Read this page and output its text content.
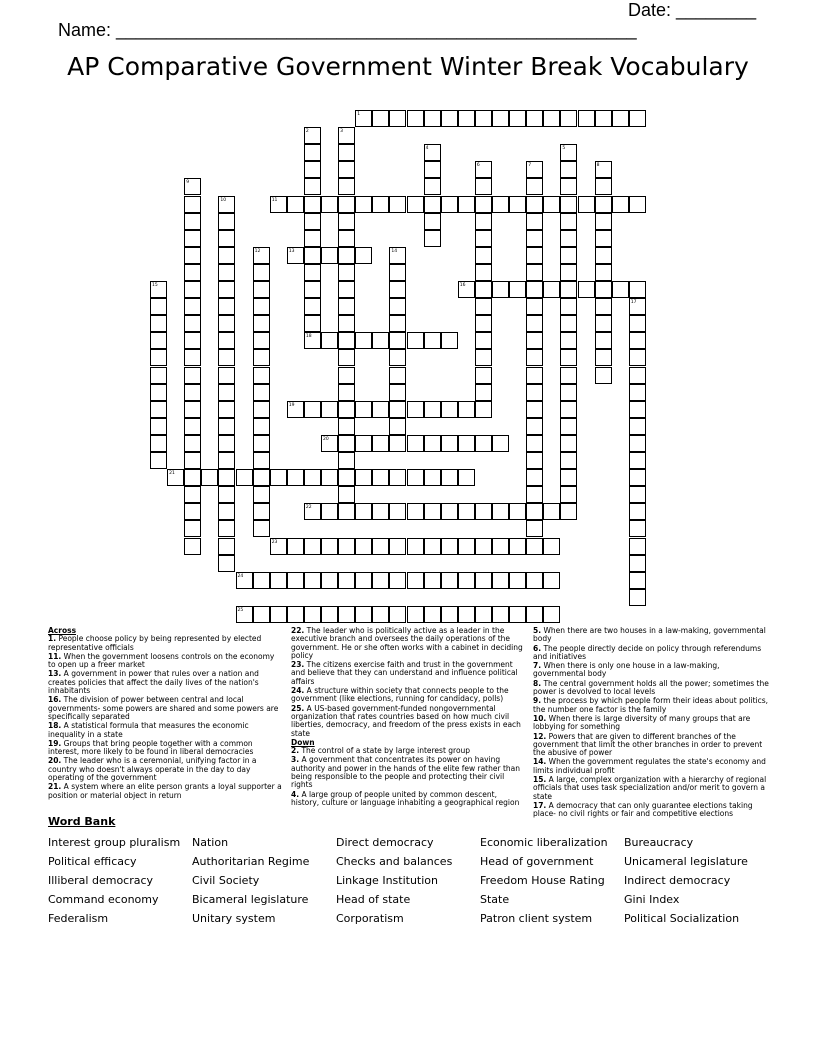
Name: ____________________________________________________

Date: ________

AP Comparative Government Winter Break Vocabulary
1
2	3
4	5
6	7	8
9
10	11
12	13	14
15	16
17
18
19
20
21
22
23
24
25
Across
1. People choose policy by being represented by elected representative officials
11. When the government loosens controls on the economy to open up a freer market
13. A government in power that rules over a nation and creates policies that affect the daily lives of the nation's inhabitants
16. The division of power between central and local governments- some powers are shared and some powers are specifically separated
18. A statistical formula that measures the economic inequality in a state
19. Groups that bring people together with a common interest, more likely to be found in liberal democracies
20. The leader who is a ceremonial, unifying factor in a country who doesn't always operate in the day to day operating of the government
21. A system where an elite person grants a loyal supporter a position or material object in return
22. The leader who is politically active as a leader in the executive branch and oversees the daily operations of the government. He or she often works with a cabinet in deciding policy
23. The citizens exercise faith and trust in the government and believe that they can understand and influence political affairs
24. A structure within society that connects people to the government (like elections, running for candidacy, polls)
25. A US-based government-funded nongovernmental organization that rates countries based on how much civil liberties, democracy, and freedom of the press exists in each state
Down
2. The control of a state by large interest group
3. A government that concentrates its power on having authority and power in the hands of the elite few rather than being responsible to the people and protecting their civil rights
4. A large group of people united by common descent, history, culture or language inhabiting a geographical region
5. When there are two houses in a law-making, governmental body
6. The people directly decide on policy through referendums and initiatives
7. When there is only one house in a law-making, governmental body
8. The central government holds all the power; sometimes the power is devolved to local levels
9. the process by which people form their ideas about politics, the number one factor is the family
10. When there is large diversity of many groups that are lobbying for something
12. Powers that are given to different branches of the government that limit the other branches in order to prevent the abusive of power
14. When the government regulates the state's economy and limits individual profit
15. A large, complex organization with a hierarchy of regional officials that uses task specialization and/or merit to govern a state
17. A democracy that can only guarantee elections taking place- no civil rights or fair and competitive elections
Word Bank
Interest group pluralism	Nation	Direct democracy	Economic liberalization	Bureaucracy
Political efficacy	Authoritarian Regime	Checks and balances	Head of government	Unicameral legislature
Illiberal democracy	Civil Society	Linkage Institution	Freedom House Rating	Indirect democracy
Command economy	Bicameral legislature	Head of state	State	Gini Index
Federalism	Unitary system	Corporatism	Patron client system	Political Socialization
